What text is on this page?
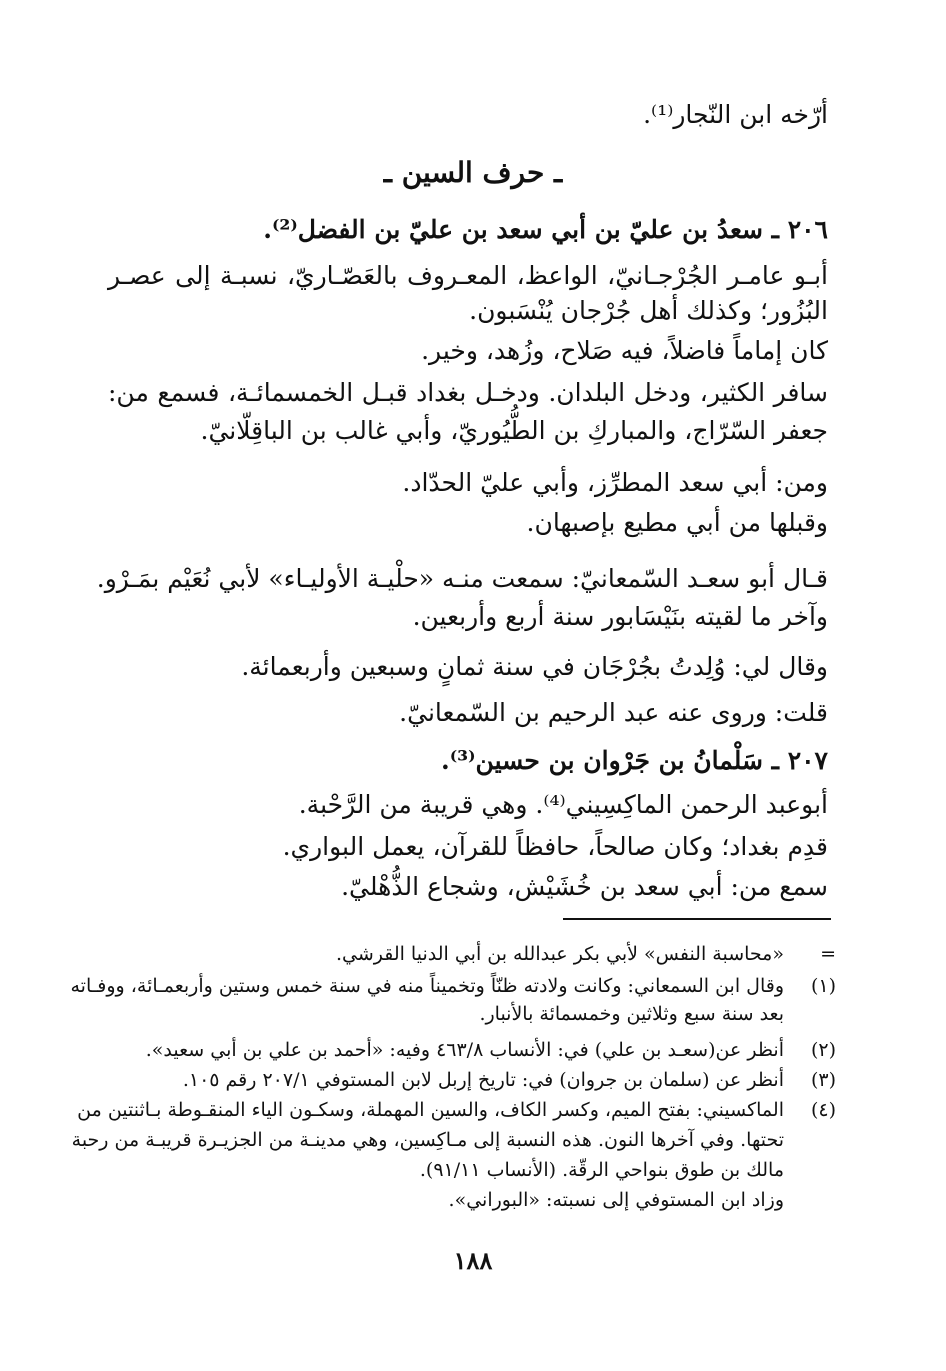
أرّخه ابن النّجار⁽¹⁾.
ـ حرف السين ـ
٢٠٦ ـ سعدُ بن عليّ بن أبي سعد بن عليّ بن الفضل⁽²⁾.
أبـو عامـر الجُرْجـانيّ، الواعظ، المعـروف بالعَصّـاريّ، نسبـة إلى عصـر
البُزُور؛ وكذلك أهل جُرْجان يُنْسَبون.
كان إماماً فاضلاً، فيه صَلاح، وزُهد، وخير.
سافر الكثير، ودخل البلدان. ودخـل بغداد قبـل الخمسمائـة، فسمع من:
جعفر السّرّاج، والمباركِ بن الطُّيُوريّ، وأبي غالب بن الباقِلّانيّ.
ومن: أبي سعد المطرِّز، وأبي عليّ الحدّاد.
وقبلها من أبي مطيع بإصبهان.
قـال أبو سعـد السّمعانيّ: سمعت منـه «حلْيـة الأوليـاء» لأبي نُعَيْم بمَـرْو.
وآخر ما لقيته بنَيْسَابور سنة أربع وأربعين.
وقال لي: وُلِدتُ بجُرْجَان في سنة ثمانٍ وسبعين وأربعمائة.
قلت: وروى عنه عبد الرحيم بن السّمعانيّ.
٢٠٧ ـ سَلْمانُ بن جَرْوان بن حسين⁽³⁾.
أبوعبد الرحمن الماكِسِيني⁽⁴⁾. وهي قريبة من الرَّحْبة.
قدِم بغداد؛ وكان صالحاً، حافظاً للقرآن، يعمل البواري.
سمع من: أبي سعد بن خُشَيْش، وشجاع الذُّهْليّ.
=
«محاسبة النفس» لأبي بكر عبدالله بن أبي الدنيا القرشي.
(١)
وقال ابن السمعاني: وكانت ولادته ظنّاً وتخميناً منه في سنة خمس وستين وأربعمـائة، ووفـاته
بعد سنة سبع وثلاثين وخمسمائة بالأنبار.
(٢)
أنظر عن(سعـد بن علي) في: الأنساب ٤٦٣/٨ وفيه: «أحمد بن علي بن أبي سعيد».
(٣)
أنظر عن (سلمان بن جروان) في: تاريخ إربل لابن المستوفي ٢٠٧/١ رقم ١٠٥.
(٤)
الماكسيني: بفتح الميم، وكسر الكاف، والسين المهملة، وسكـون الياء المنقـوطة بـاثنتين من
تحتها. وفي آخرها النون. هذه النسبة إلى مـاكِسين، وهي مدينـة من الجزيـرة قريبـة من رحبة
مالك بن طوق بنواحي الرقّة. (الأنساب ٩١/١١).
وزاد ابن المستوفي إلى نسبته: «البوراني».
١٨٨
